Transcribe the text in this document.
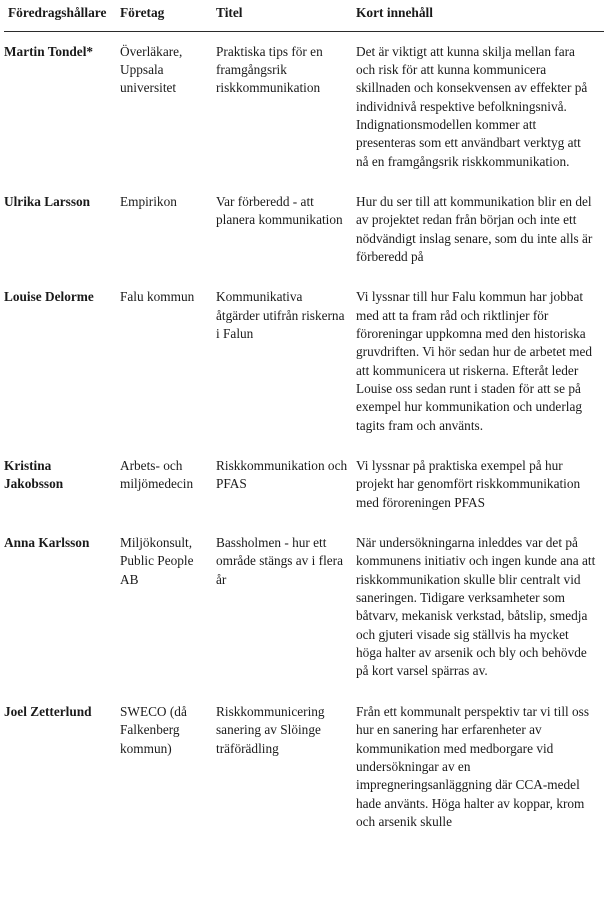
Föredragshållare	Företag	Titel	Kort innehåll
Martin Tondel*	Överläkare, Uppsala universitet	Praktiska tips för en framgångsrik riskkommunikation	Det är viktigt att kunna skilja mellan fara och risk för att kunna kommunicera skillnaden och konsekvensen av effekter på individnivå respektive befolkningsnivå. Indignationsmodellen kommer att presenteras som ett användbart verktyg att nå en framgångsrik riskkommunikation.
Ulrika Larsson	Empirikon	Var förberedd - att planera kommunikation	Hur du ser till att kommunikation blir en del av projektet redan från början och inte ett nödvändigt inslag senare, som du inte alls är förberedd på
Louise Delorme	Falu kommun	Kommunikativa åtgärder utifrån riskerna i Falun	Vi lyssnar till hur Falu kommun har jobbat med att ta fram råd och riktlinjer för föroreningar uppkomna med den historiska gruvdriften. Vi hör sedan hur de arbetet med att kommunicera ut riskerna. Efteråt leder Louise oss sedan runt i staden för att se på exempel hur kommunikation och underlag tagits fram och använts.
Kristina Jakobsson	Arbets- och miljömedecin	Riskkommunikation och PFAS	Vi lyssnar på praktiska exempel på hur projekt har genomfört riskkommunikation med föroreningen PFAS
Anna Karlsson	Miljökonsult, Public People AB	Bassholmen - hur ett område stängs av i flera år	När undersökningarna inleddes var det på kommunens initiativ och ingen kunde ana att riskkommunikation skulle blir centralt vid saneringen. Tidigare verksamheter som båtvarv, mekanisk verkstad, båtslip, smedja och gjuteri visade sig ställvis ha mycket höga halter av arsenik och bly och behövde på kort varsel spärras av.
Joel Zetterlund	SWECO (då Falkenberg kommun)	Riskkommunicering sanering av Slöinge träförädling	Från ett kommunalt perspektiv tar vi till oss hur en sanering har erfarenheter av kommunikation med medborgare vid undersökningar av en impregneringsanläggning där CCA-medel hade använts. Höga halter av koppar, krom och arsenik skulle
